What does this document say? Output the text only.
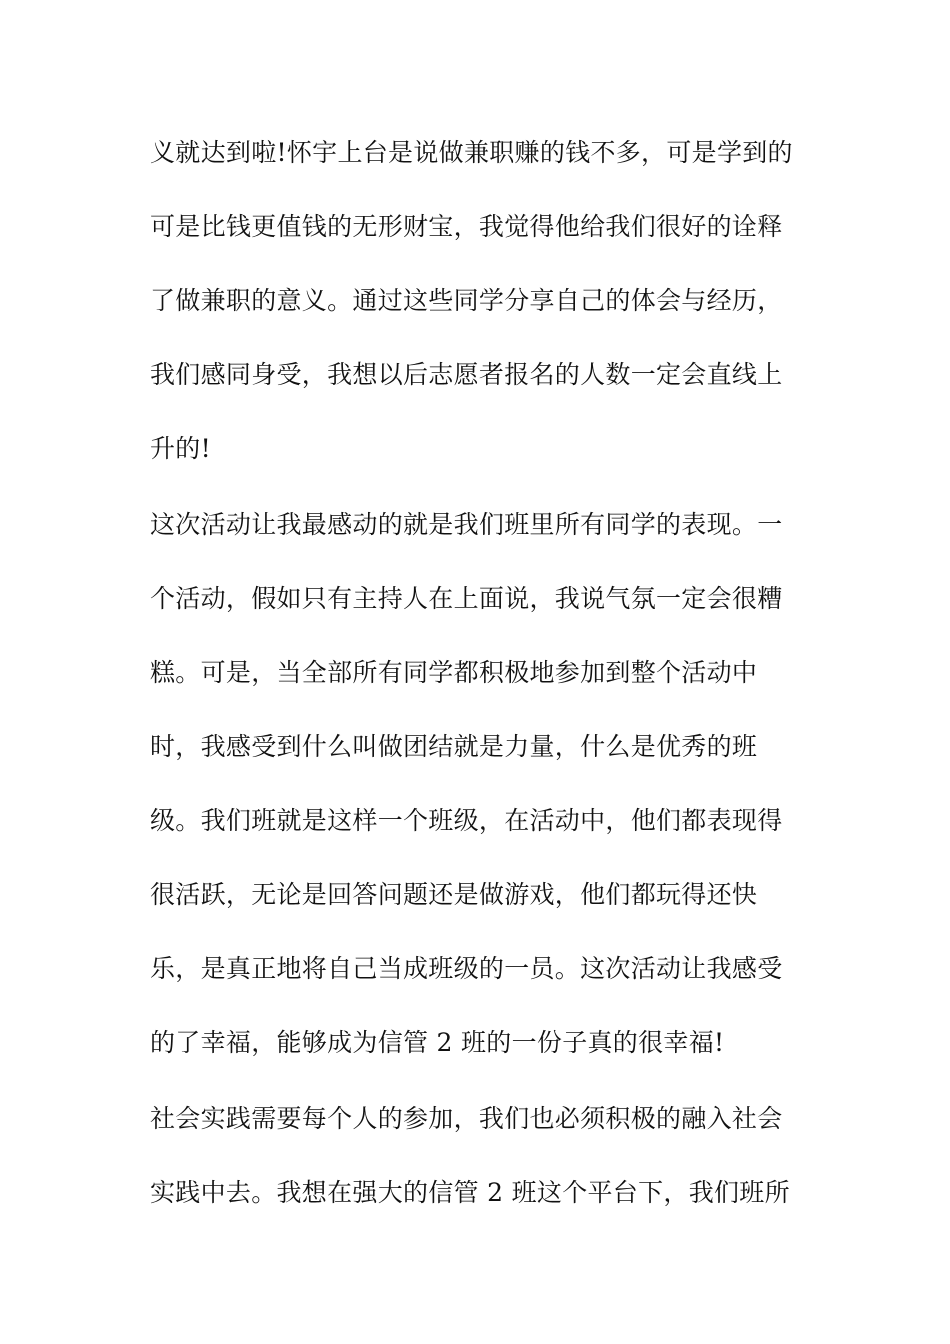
义就达到啦!怀宇上台是说做兼职赚的钱不多，可是学到的
可是比钱更值钱的无形财宝，我觉得他给我们很好的诠释
了做兼职的意义。通过这些同学分享自己的体会与经历，
我们感同身受，我想以后志愿者报名的人数一定会直线上
升的!
这次活动让我最感动的就是我们班里所有同学的表现。一
个活动，假如只有主持人在上面说，我说气氛一定会很糟
糕。可是，当全部所有同学都积极地参加到整个活动中
时，我感受到什么叫做团结就是力量，什么是优秀的班
级。我们班就是这样一个班级，在活动中，他们都表现得
很活跃，无论是回答问题还是做游戏，他们都玩得还快
乐，是真正地将自己当成班级的一员。这次活动让我感受
的了幸福，能够成为信管 2 班的一份子真的很幸福!
社会实践需要每个人的参加，我们也必须积极的融入社会
实践中去。我想在强大的信管 2 班这个平台下，我们班所
